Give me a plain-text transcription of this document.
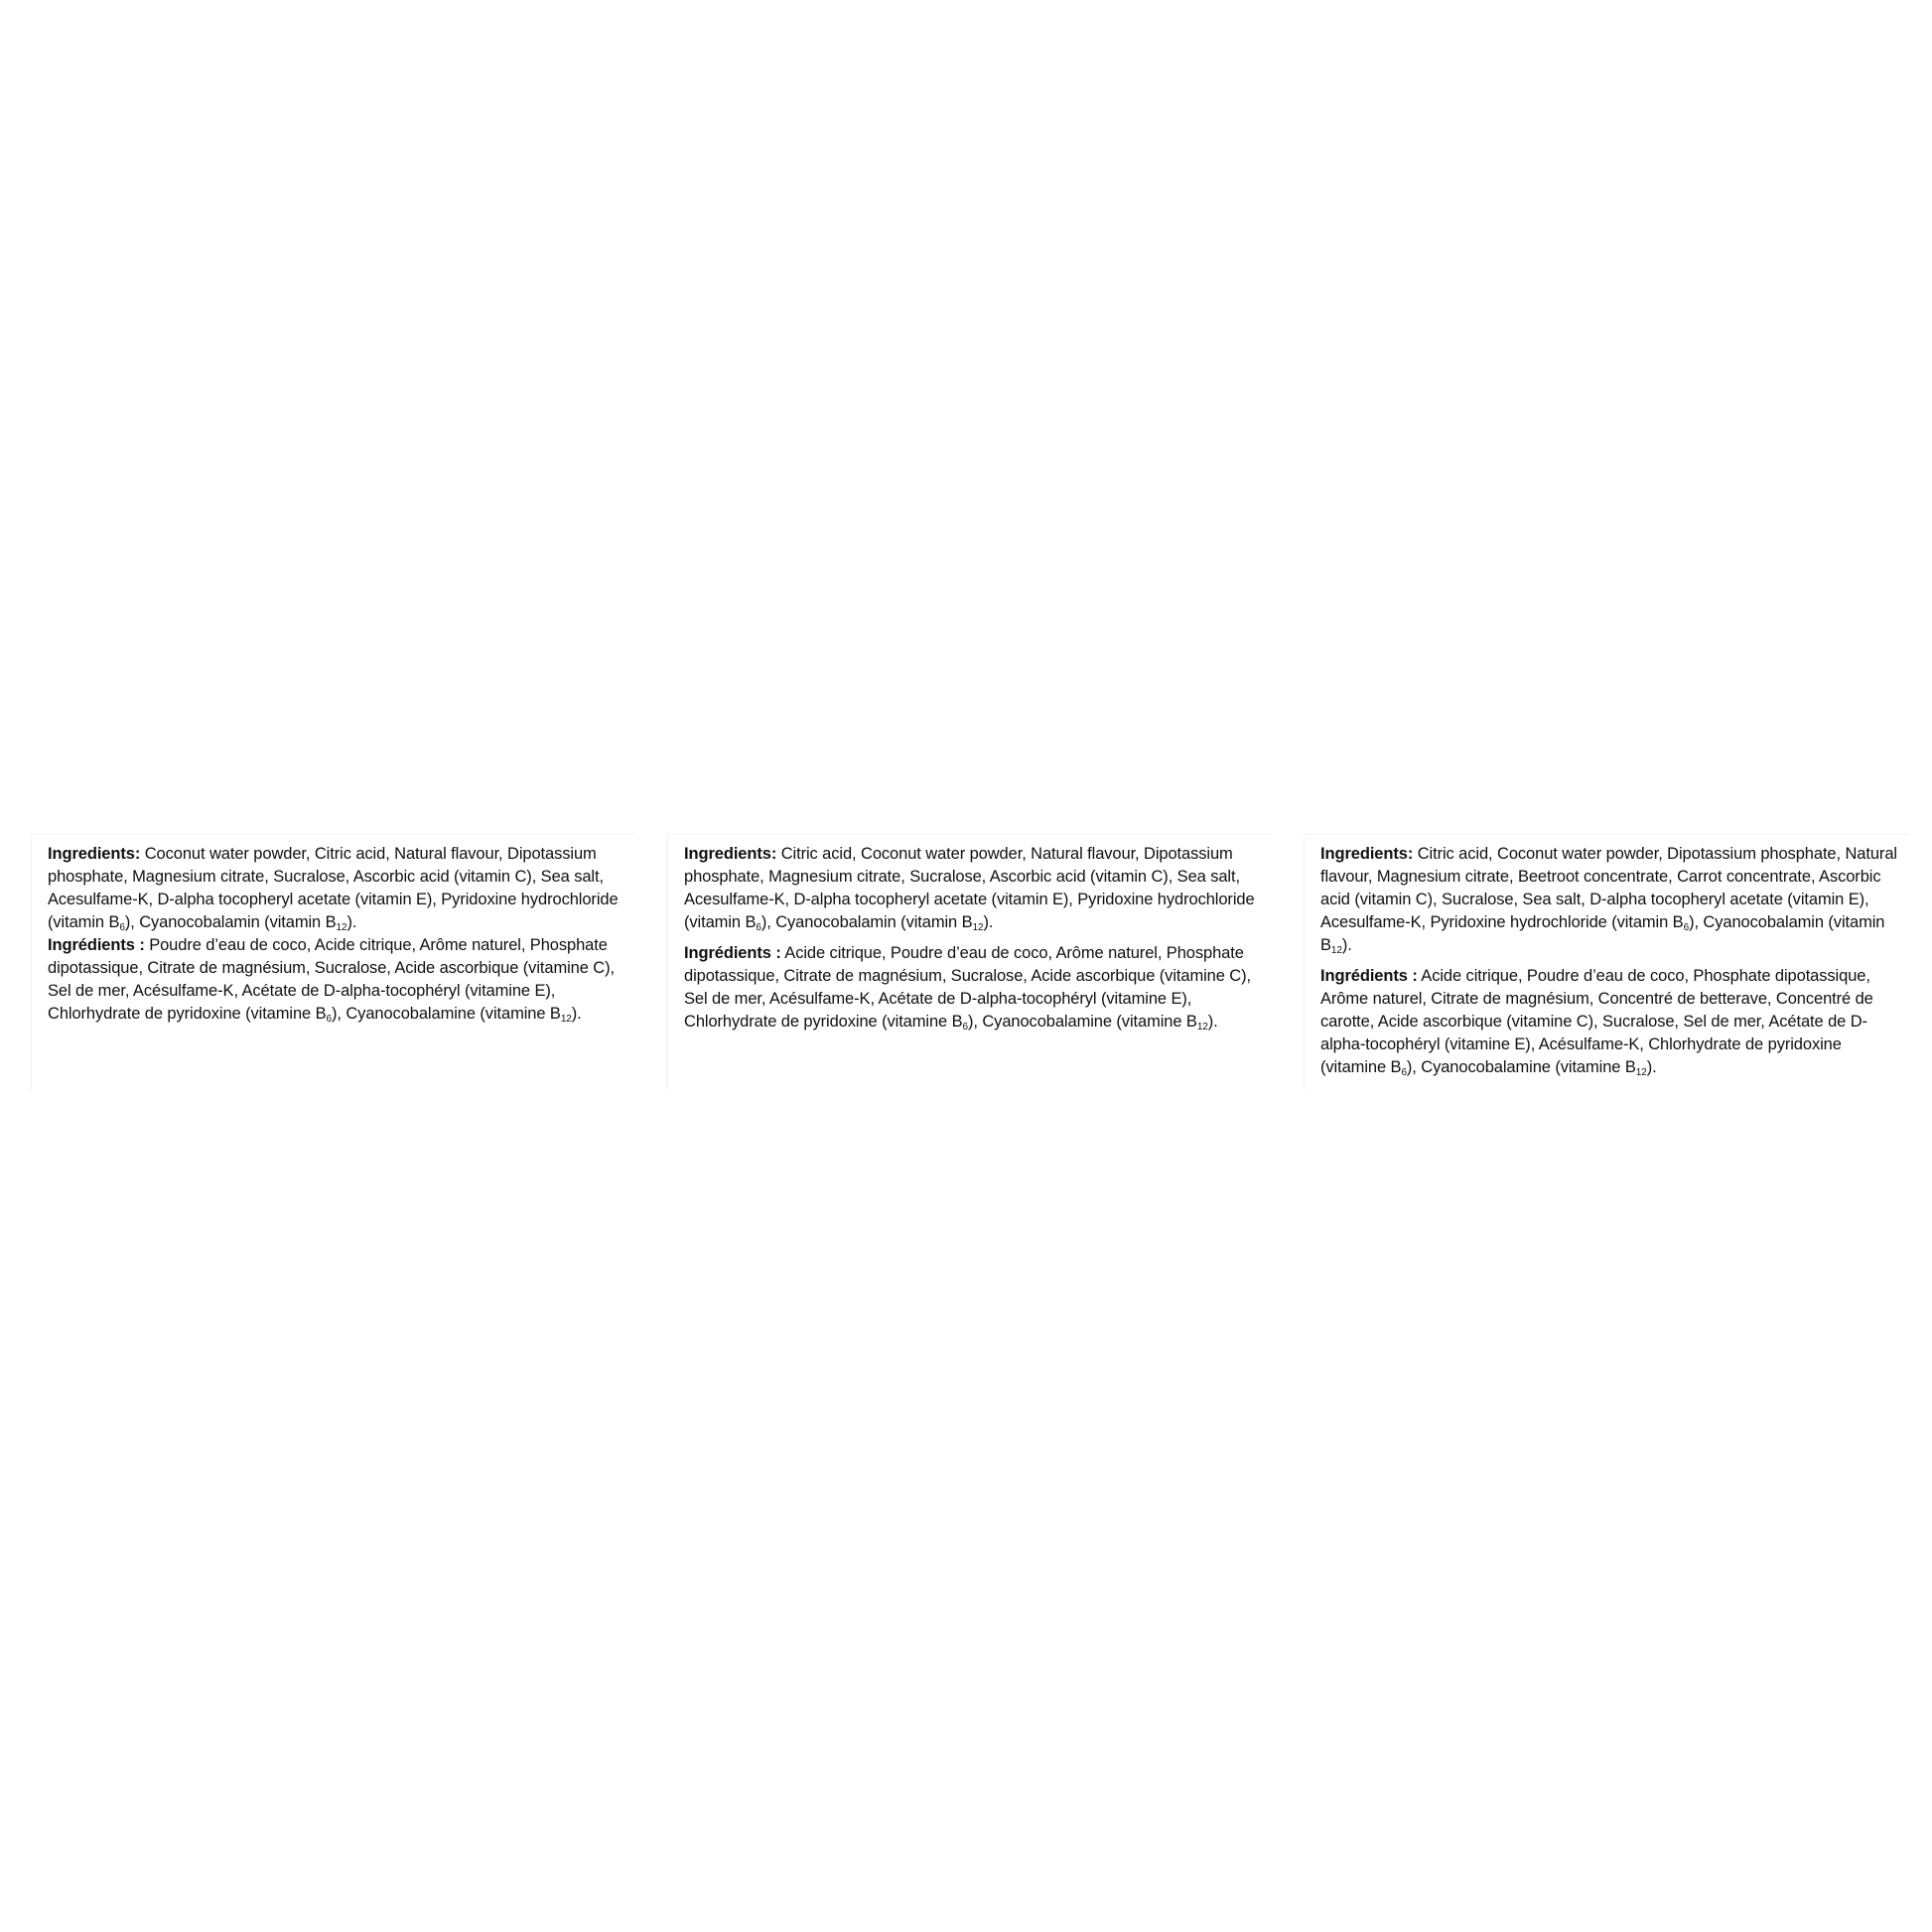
Ingredients: Coconut water powder, Citric acid, Natural flavour, Dipotassium phosphate, Magnesium citrate, Sucralose, Ascorbic acid (vitamin C), Sea salt, Acesulfame-K, D-alpha tocopheryl acetate (vitamin E), Pyridoxine hydrochloride (vitamin $B_6$), Cyanocobalamin (vitamin $B_{12}$).

Ingrédients : Poudre d’eau de coco, Acide citrique, Arôme naturel, Phosphate dipotassique, Citrate de magnésium, Sucralose, Acide ascorbique (vitamine C), Sel de mer, Acésulfame-K, Acétate de D-alpha-tocophéryl (vitamine E), Chlorhydrate de pyridoxine (vitamine $B_6$), Cyanocobalamine (vitamine $B_{12}$).

Ingredients: Citric acid, Coconut water powder, Natural flavour, Dipotassium phosphate, Magnesium citrate, Sucralose, Ascorbic acid (vitamin C), Sea salt, Acesulfame-K, D-alpha tocopheryl acetate (vitamin E), Pyridoxine hydrochloride (vitamin $B_6$), Cyanocobalamin (vitamin $B_{12}$).

Ingrédients : Acide citrique, Poudre d’eau de coco, Arôme naturel, Phosphate dipotassique, Citrate de magnésium, Sucralose, Acide ascorbique (vitamine C), Sel de mer, Acésulfame-K, Acétate de D-alpha-tocophéryl (vitamine E), Chlorhydrate de pyridoxine (vitamine $B_6$), Cyanocobalamine (vitamine $B_{12}$).

Ingredients: Citric acid, Coconut water powder, Dipotassium phosphate, Natural flavour, Magnesium citrate, Beetroot concentrate, Carrot concentrate, Ascorbic acid (vitamin C), Sucralose, Sea salt, D-alpha tocopheryl acetate (vitamin E), Acesulfame-K, Pyridoxine hydrochloride (vitamin $B_6$), Cyanocobalamin (vitamin $B_{12}$).

Ingrédients : Acide citrique, Poudre d’eau de coco, Phosphate dipotassique, Arôme naturel, Citrate de magnésium, Concentré de betterave, Concentré de carotte, Acide ascorbique (vitamine C), Sucralose, Sel de mer, Acétate de D-alpha-tocophéryl (vitamine E), Acésulfame-K, Chlorhydrate de pyridoxine (vitamine $B_6$), Cyanocobalamine (vitamine $B_{12}$).
